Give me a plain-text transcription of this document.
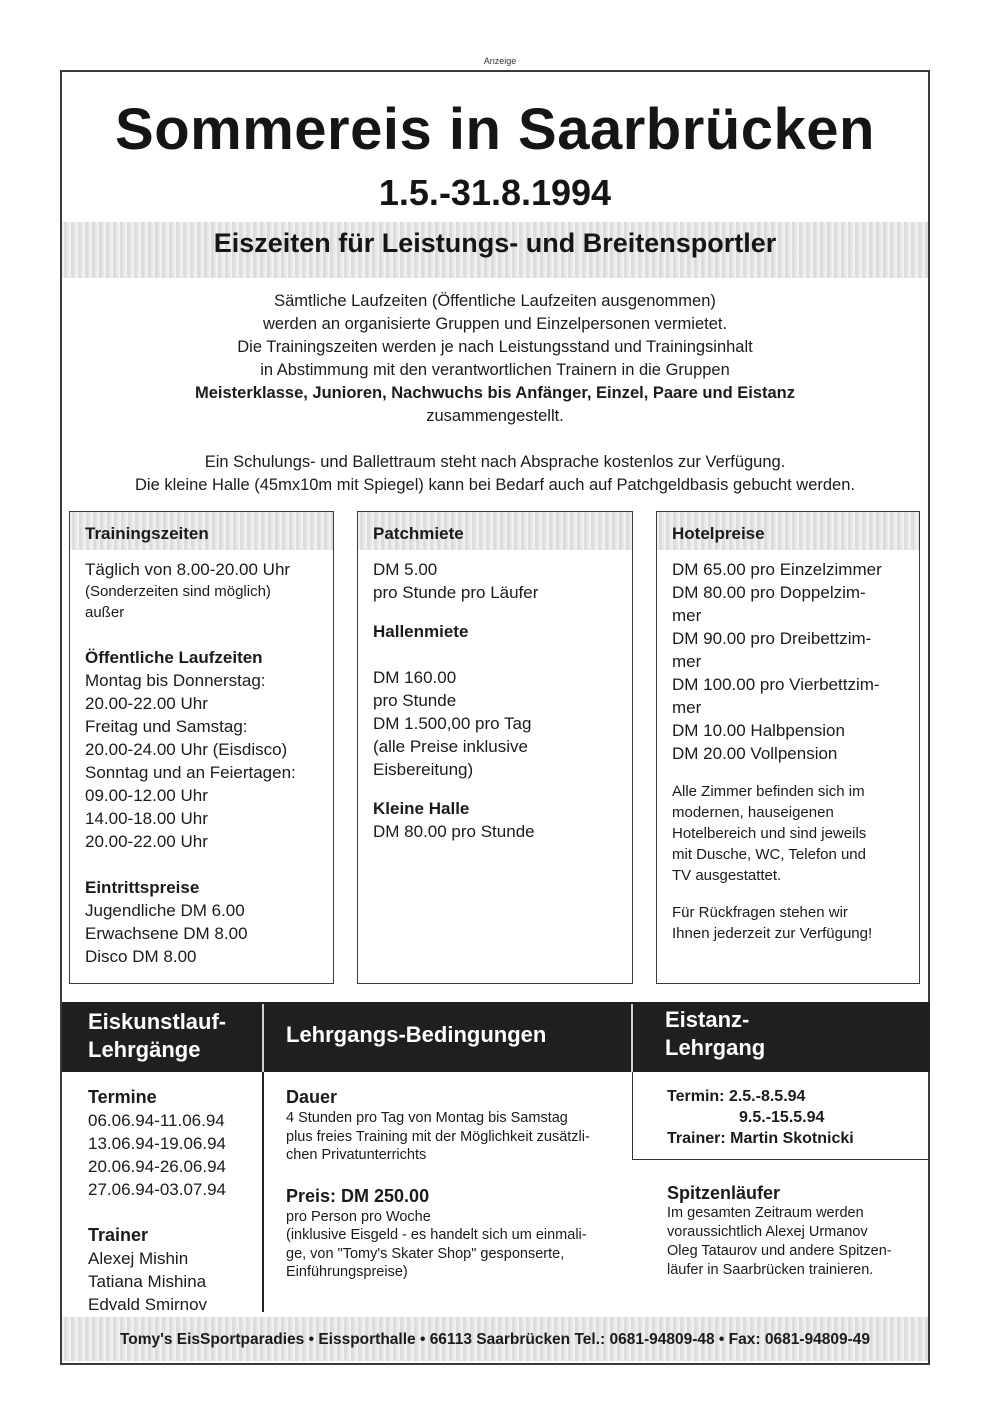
Anzeige
Sommereis in Saarbrücken
1.5.-31.8.1994
Eiszeiten für Leistungs- und Breitensportler
Sämtliche Laufzeiten (Öffentliche Laufzeiten ausgenommen)
werden an organisierte Gruppen und Einzelpersonen vermietet.
Die Trainingszeiten werden je nach Leistungsstand und Trainingsinhalt
in Abstimmung mit den verantwortlichen Trainern in die Gruppen
Meisterklasse, Junioren, Nachwuchs bis Anfänger, Einzel, Paare und Eistanz
zusammengestellt.
Ein Schulungs- und Ballettraum steht nach Absprache kostenlos zur Verfügung.
Die kleine Halle (45mx10m mit Spiegel) kann bei Bedarf auch auf Patchgeldbasis gebucht werden.
Trainingszeiten
Täglich von 8.00-20.00 Uhr
(Sonderzeiten sind möglich)
außer
Öffentliche Laufzeiten
Montag bis Donnerstag:
20.00-22.00 Uhr
Freitag und Samstag:
20.00-24.00 Uhr (Eisdisco)
Sonntag und an Feiertagen:
09.00-12.00 Uhr
14.00-18.00 Uhr
20.00-22.00 Uhr
Eintrittspreise
Jugendliche DM 6.00
Erwachsene DM 8.00
Disco DM 8.00
Patchmiete
DM 5.00
pro Stunde pro Läufer
Hallenmiete
DM 160.00
pro Stunde
DM 1.500,00 pro Tag
(alle Preise inklusive
Eisbereitung)
Kleine Halle
DM 80.00 pro Stunde
Hotelpreise
DM 65.00 pro Einzelzimmer
DM 80.00 pro Doppelzim-
mer
DM 90.00 pro Dreibettzim-
mer
DM 100.00 pro Vierbettzim-
mer
DM 10.00 Halbpension
DM 20.00 Vollpension
Alle Zimmer befinden sich im
modernen, hauseigenen
Hotelbereich und sind jeweils
mit Dusche, WC, Telefon und
TV ausgestattet.
Für Rückfragen stehen wir
Ihnen jederzeit zur Verfügung!
Eiskunstlauf-
Lehrgänge
Lehrgangs-Bedingungen
Eistanz-
Lehrgang
Termine
06.06.94-11.06.94
13.06.94-19.06.94
20.06.94-26.06.94
27.06.94-03.07.94
Trainer
Alexej Mishin
Tatiana Mishina
Edvald Smirnov
Dauer
4 Stunden pro Tag von Montag bis Samstag
plus freies Training mit der Möglichkeit zusätzli-
chen Privatunterrichts
Preis: DM 250.00
pro Person pro Woche
(inklusive Eisgeld - es handelt sich um einmali-
ge, von "Tomy's Skater Shop" gesponserte,
Einführungspreise)
Termin: 2.5.-8.5.94
9.5.-15.5.94
Trainer: Martin Skotnicki
Spitzenläufer
Im gesamten Zeitraum werden
voraussichtlich Alexej Urmanov
Oleg Tataurov und andere Spitzen-
läufer in Saarbrücken trainieren.
Tomy's EisSportparadies • Eissporthalle • 66113 Saarbrücken Tel.: 0681-94809-48 • Fax: 0681-94809-49
